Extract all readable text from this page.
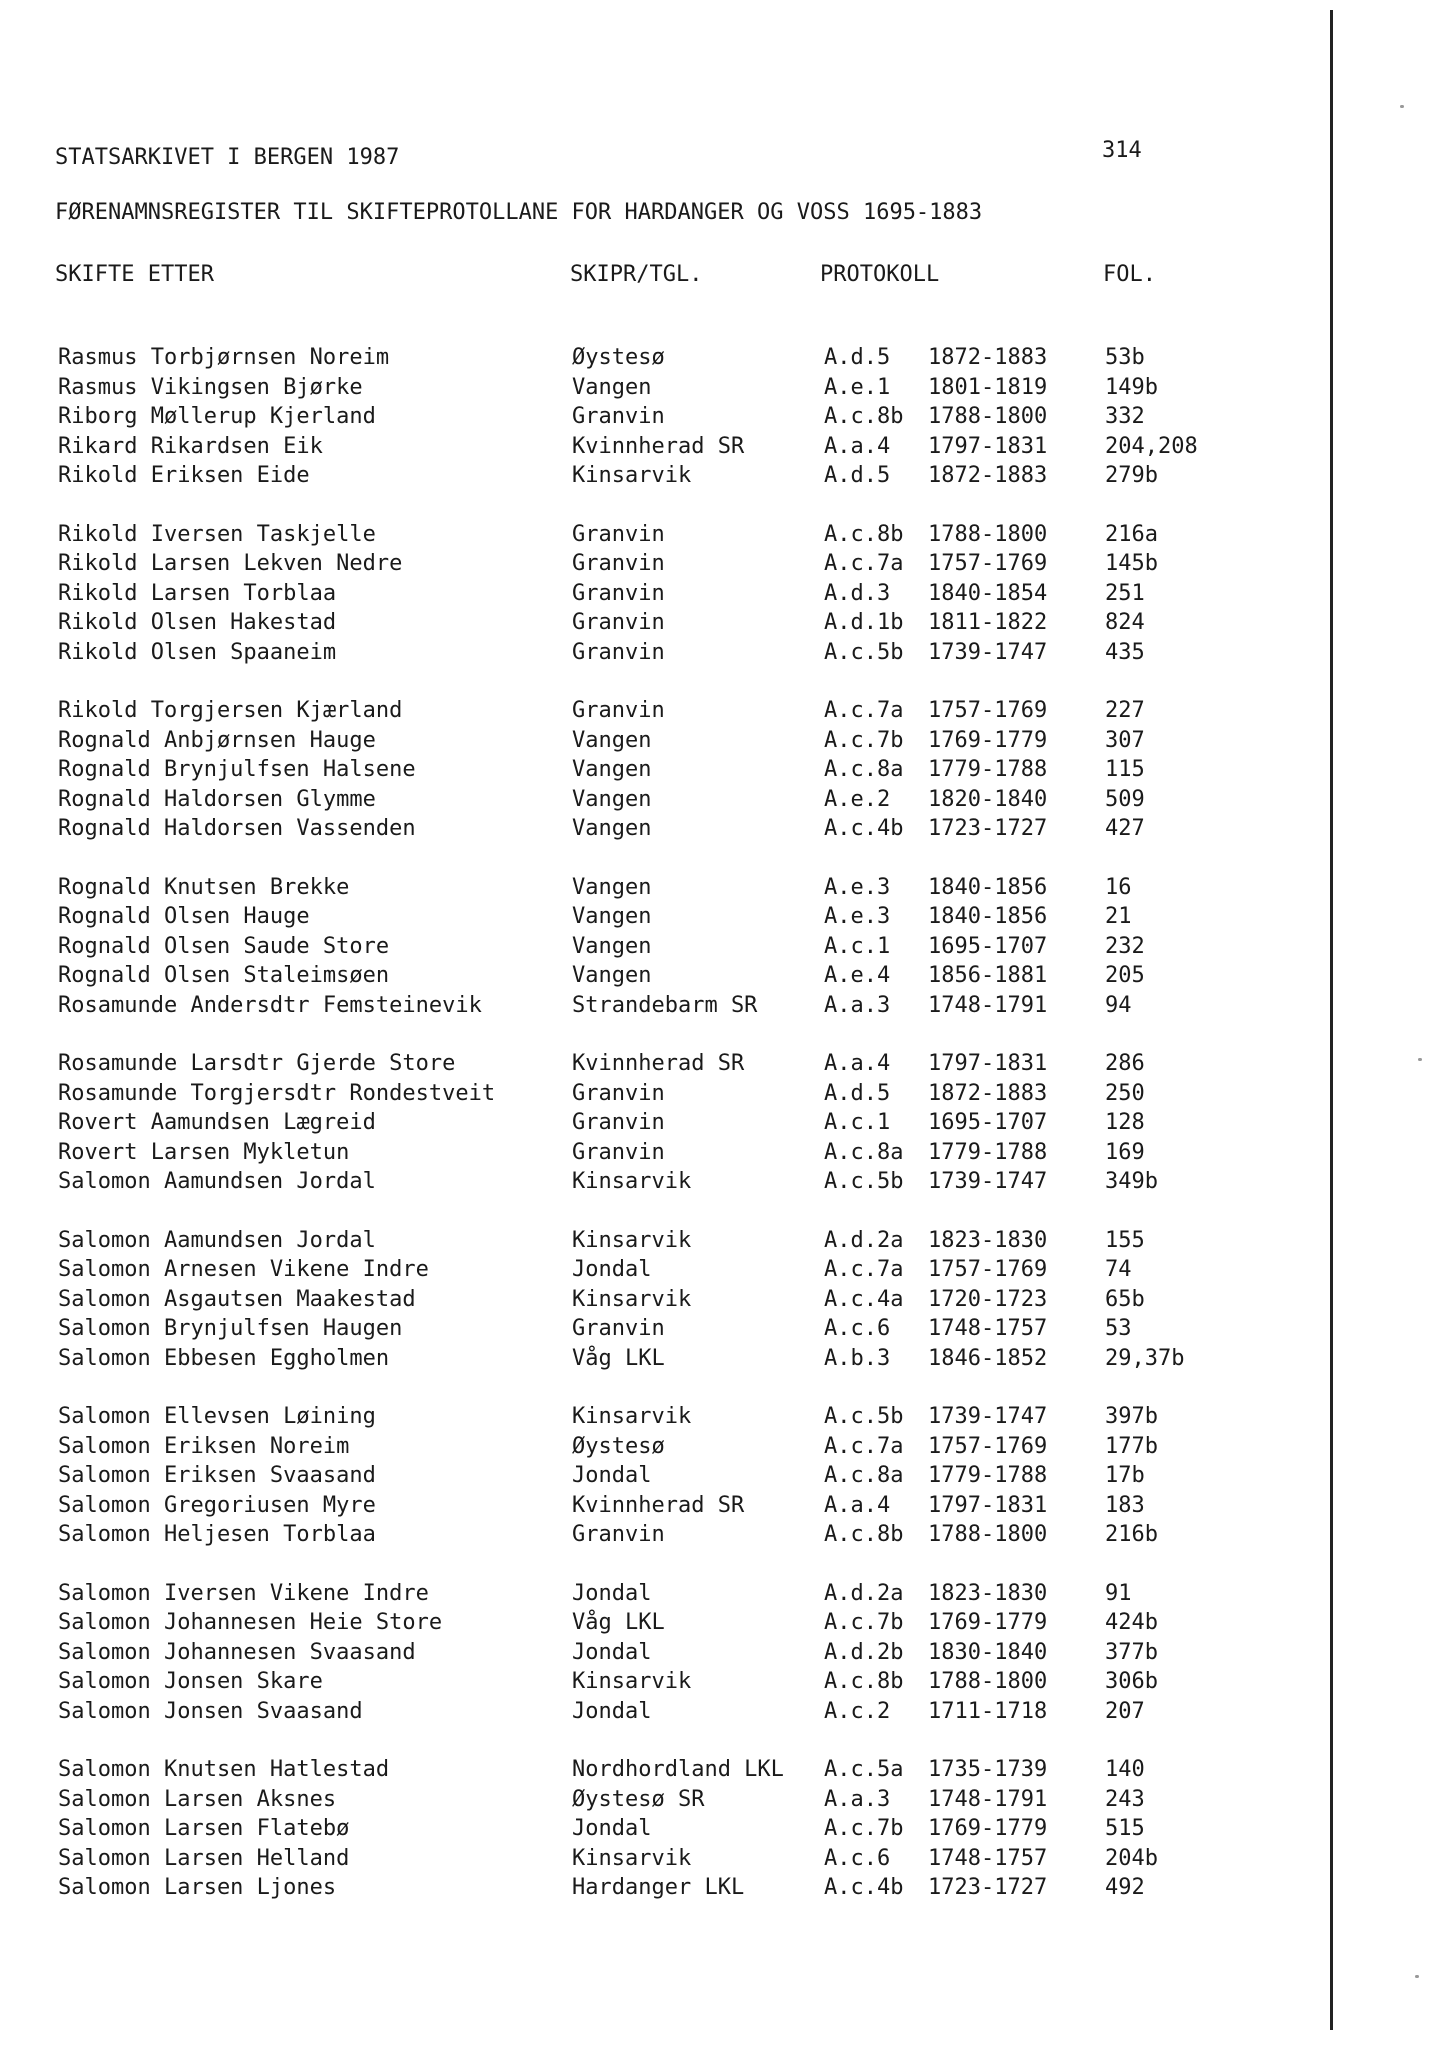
STATSARKIVET I BERGEN 1987	314
FØRENAMNSREGISTER TIL SKIFTEPROTOLLANE FOR HARDANGER OG VOSS 1695-1883
SKIFTE ETTER	SKIPR/TGL.	PROTOKOLL	FOL.
Rasmus Torbjørnsen Noreim	Øystesø	A.d.5 1872-1883	53b
Rasmus Vikingsen Bjørke	Vangen	A.e.1 1801-1819	149b
Riborg Møllerup Kjerland	Granvin	A.c.8b 1788-1800	332
Rikard Rikardsen Eik	Kvinnherad SR	A.a.4 1797-1831	204,208
Rikold Eriksen Eide	Kinsarvik	A.d.5 1872-1883	279b
Rikold Iversen Taskjelle	Granvin	A.c.8b 1788-1800	216a
Rikold Larsen Lekven Nedre	Granvin	A.c.7a 1757-1769	145b
Rikold Larsen Torblaa	Granvin	A.d.3 1840-1854	251
Rikold Olsen Hakestad	Granvin	A.d.1b 1811-1822	824
Rikold Olsen Spaaneim	Granvin	A.c.5b 1739-1747	435
Rikold Torgjersen Kjærland	Granvin	A.c.7a 1757-1769	227
Rognald Anbjørnsen Hauge	Vangen	A.c.7b 1769-1779	307
Rognald Brynjulfsen Halsene	Vangen	A.c.8a 1779-1788	115
Rognald Haldorsen Glymme	Vangen	A.e.2 1820-1840	509
Rognald Haldorsen Vassenden	Vangen	A.c.4b 1723-1727	427
Rognald Knutsen Brekke	Vangen	A.e.3 1840-1856	16
Rognald Olsen Hauge	Vangen	A.e.3 1840-1856	21
Rognald Olsen Saude Store	Vangen	A.c.1 1695-1707	232
Rognald Olsen Staleimsøen	Vangen	A.e.4 1856-1881	205
Rosamunde Andersdtr Femsteinevik	Strandebarm SR	A.a.3 1748-1791	94
Rosamunde Larsdtr Gjerde Store	Kvinnherad SR	A.a.4 1797-1831	286
Rosamunde Torgjersdtr Rondestveit	Granvin	A.d.5 1872-1883	250
Rovert Aamundsen Lægreid	Granvin	A.c.1 1695-1707	128
Rovert Larsen Mykletun	Granvin	A.c.8a 1779-1788	169
Salomon Aamundsen Jordal	Kinsarvik	A.c.5b 1739-1747	349b
Salomon Aamundsen Jordal	Kinsarvik	A.d.2a 1823-1830	155
Salomon Arnesen Vikene Indre	Jondal	A.c.7a 1757-1769	74
Salomon Asgautsen Maakestad	Kinsarvik	A.c.4a 1720-1723	65b
Salomon Brynjulfsen Haugen	Granvin	A.c.6 1748-1757	53
Salomon Ebbesen Eggholmen	Våg LKL	A.b.3 1846-1852	29,37b
Salomon Ellevsen Løining	Kinsarvik	A.c.5b 1739-1747	397b
Salomon Eriksen Noreim	Øystesø	A.c.7a 1757-1769	177b
Salomon Eriksen Svaasand	Jondal	A.c.8a 1779-1788	17b
Salomon Gregoriusen Myre	Kvinnherad SR	A.a.4 1797-1831	183
Salomon Heljesen Torblaa	Granvin	A.c.8b 1788-1800	216b
Salomon Iversen Vikene Indre	Jondal	A.d.2a 1823-1830	91
Salomon Johannesen Heie Store	Våg LKL	A.c.7b 1769-1779	424b
Salomon Johannesen Svaasand	Jondal	A.d.2b 1830-1840	377b
Salomon Jonsen Skare	Kinsarvik	A.c.8b 1788-1800	306b
Salomon Jonsen Svaasand	Jondal	A.c.2 1711-1718	207
Salomon Knutsen Hatlestad	Nordhordland LKL A.c.5a 1735-1739	140
Salomon Larsen Aksnes	Øystesø SR	A.a.3 1748-1791	243
Salomon Larsen Flatebø	Jondal	A.c.7b 1769-1779	515
Salomon Larsen Helland	Kinsarvik	A.c.6 1748-1757	204b
Salomon Larsen Ljones	Hardanger LKL	A.c.4b 1723-1727	492
